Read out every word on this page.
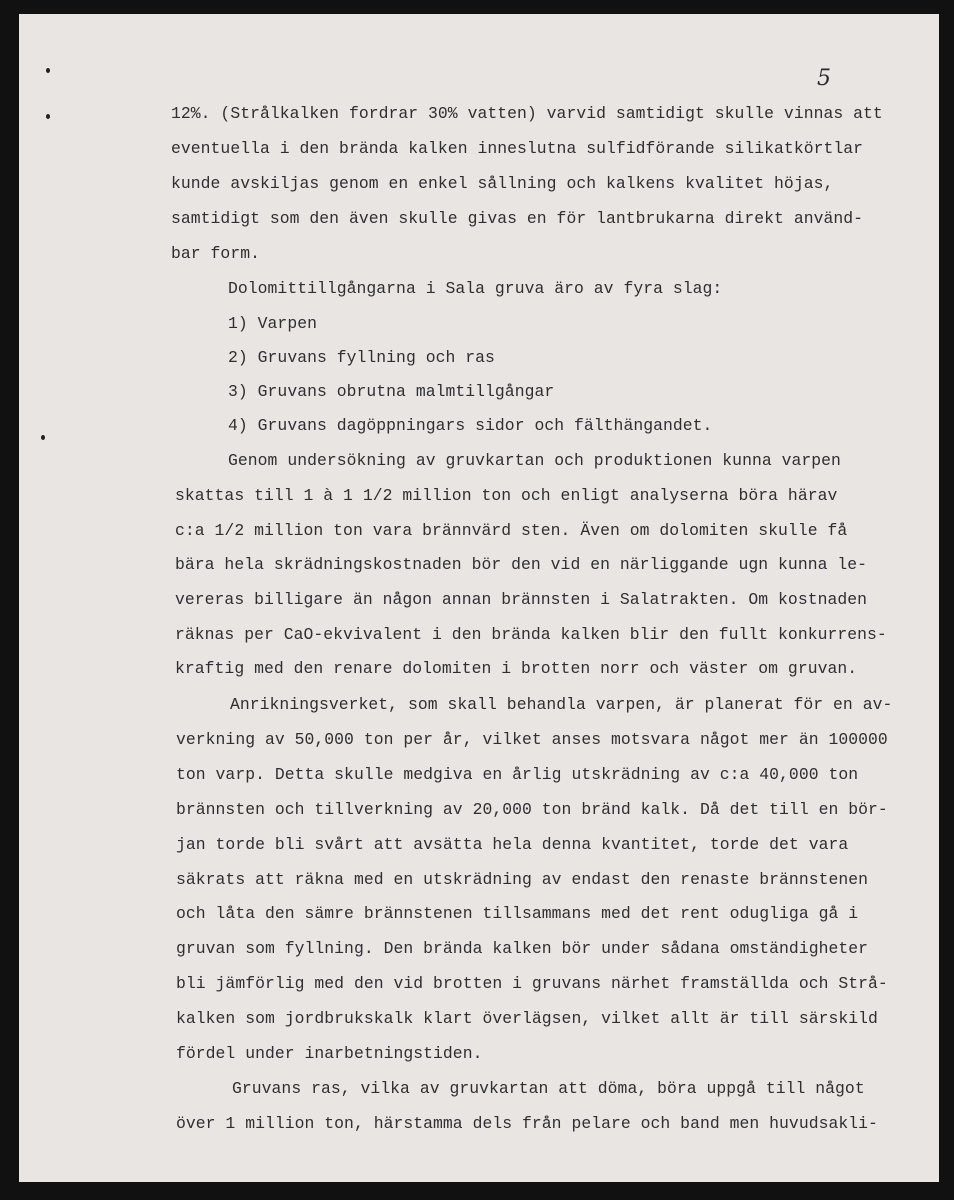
5
12%. (Strålkalken fordrar 30% vatten) varvid samtidigt skulle vinnas att
eventuella i den brända kalken inneslutna sulfidförande silikatkörtlar
kunde avskiljas genom en enkel sållning och kalkens kvalitet höjas,
samtidigt som den även skulle givas en för lantbrukarna direkt använd-
bar form.
Dolomittillgångarna i Sala gruva äro av fyra slag:
1) Varpen
2) Gruvans fyllning och ras
3) Gruvans obrutna malmtillgångar
4) Gruvans dagöppningars sidor och fälthängandet.
Genom undersökning av gruvkartan och produktionen kunna varpen
skattas till 1 à 1 1/2 million ton och enligt analyserna böra härav
c:a 1/2 million ton vara brännvärd sten. Även om dolomiten skulle få
bära hela skrädningskostnaden bör den vid en närliggande ugn kunna le-
vereras billigare än någon annan brännsten i Salatrakten. Om kostnaden
räknas per CaO-ekvivalent i den brända kalken blir den fullt konkurrens-
kraftig med den renare dolomiten i brotten norr och väster om gruvan.
Anrikningsverket, som skall behandla varpen, är planerat för en av-
verkning av 50,000 ton per år, vilket anses motsvara något mer än 100000
ton varp. Detta skulle medgiva en årlig utskrädning av c:a 40,000 ton
brännsten och tillverkning av 20,000 ton bränd kalk. Då det till en bör-
jan torde bli svårt att avsätta hela denna kvantitet, torde det vara
säkrats att räkna med en utskrädning av endast den renaste brännstenen
och låta den sämre brännstenen tillsammans med det rent odugliga gå i
gruvan som fyllning. Den brända kalken bör under sådana omständigheter
bli jämförlig med den vid brotten i gruvans närhet framställda och Strå-
kalken som jordbrukskalk klart överlägsen, vilket allt är till särskild
fördel under inarbetningstiden.
Gruvans ras, vilka av gruvkartan att döma, böra uppgå till något
över 1 million ton, härstamma dels från pelare och band men huvudsakli-
